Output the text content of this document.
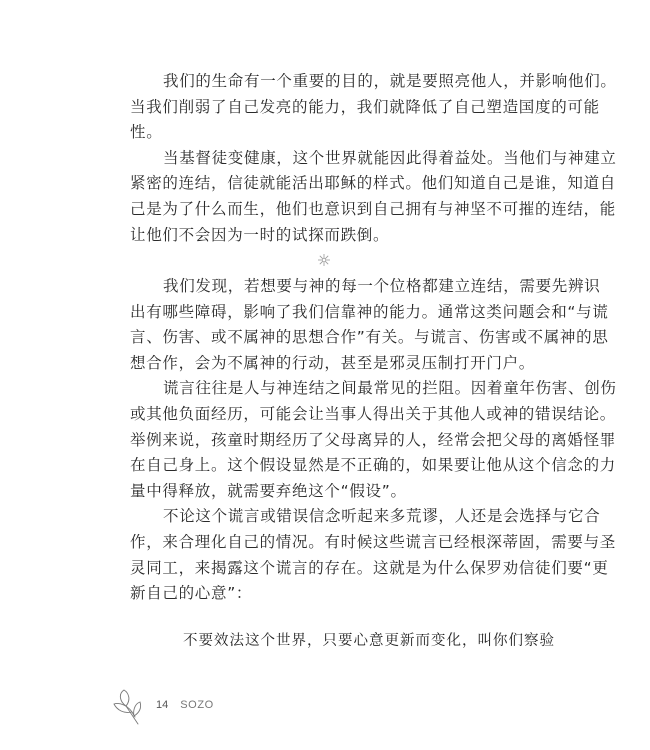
我们的生命有一个重要的目的，就是要照亮他人，并影响他们。
当我们削弱了自己发亮的能力，我们就降低了自己塑造国度的可能
性。
当基督徒变健康，这个世界就能因此得着益处。当他们与神建立
紧密的连结，信徒就能活出耶稣的样式。他们知道自己是谁，知道自
己是为了什么而生，他们也意识到自己拥有与神坚不可摧的连结，能
让他们不会因为一时的试探而跌倒。
我们发现，若想要与神的每一个位格都建立连结，需要先辨识
出有哪些障碍，影响了我们信靠神的能力。通常这类问题会和“与谎
言、伤害、或不属神的思想合作”有关。与谎言、伤害或不属神的思
想合作，会为不属神的行动，甚至是邪灵压制打开门户。
谎言往往是人与神连结之间最常见的拦阻。因着童年伤害、创伤
或其他负面经历，可能会让当事人得出关于其他人或神的错误结论。
举例来说，孩童时期经历了父母离异的人，经常会把父母的离婚怪罪
在自己身上。这个假设显然是不正确的，如果要让他从这个信念的力
量中得释放，就需要弃绝这个“假设”。
不论这个谎言或错误信念听起来多荒谬，人还是会选择与它合
作，来合理化自己的情况。有时候这些谎言已经根深蒂固，需要与圣
灵同工，来揭露这个谎言的存在。这就是为什么保罗劝信徒们要“更
新自己的心意”：
不要效法这个世界，只要心意更新而变化，叫你们察验
14 SOZO
